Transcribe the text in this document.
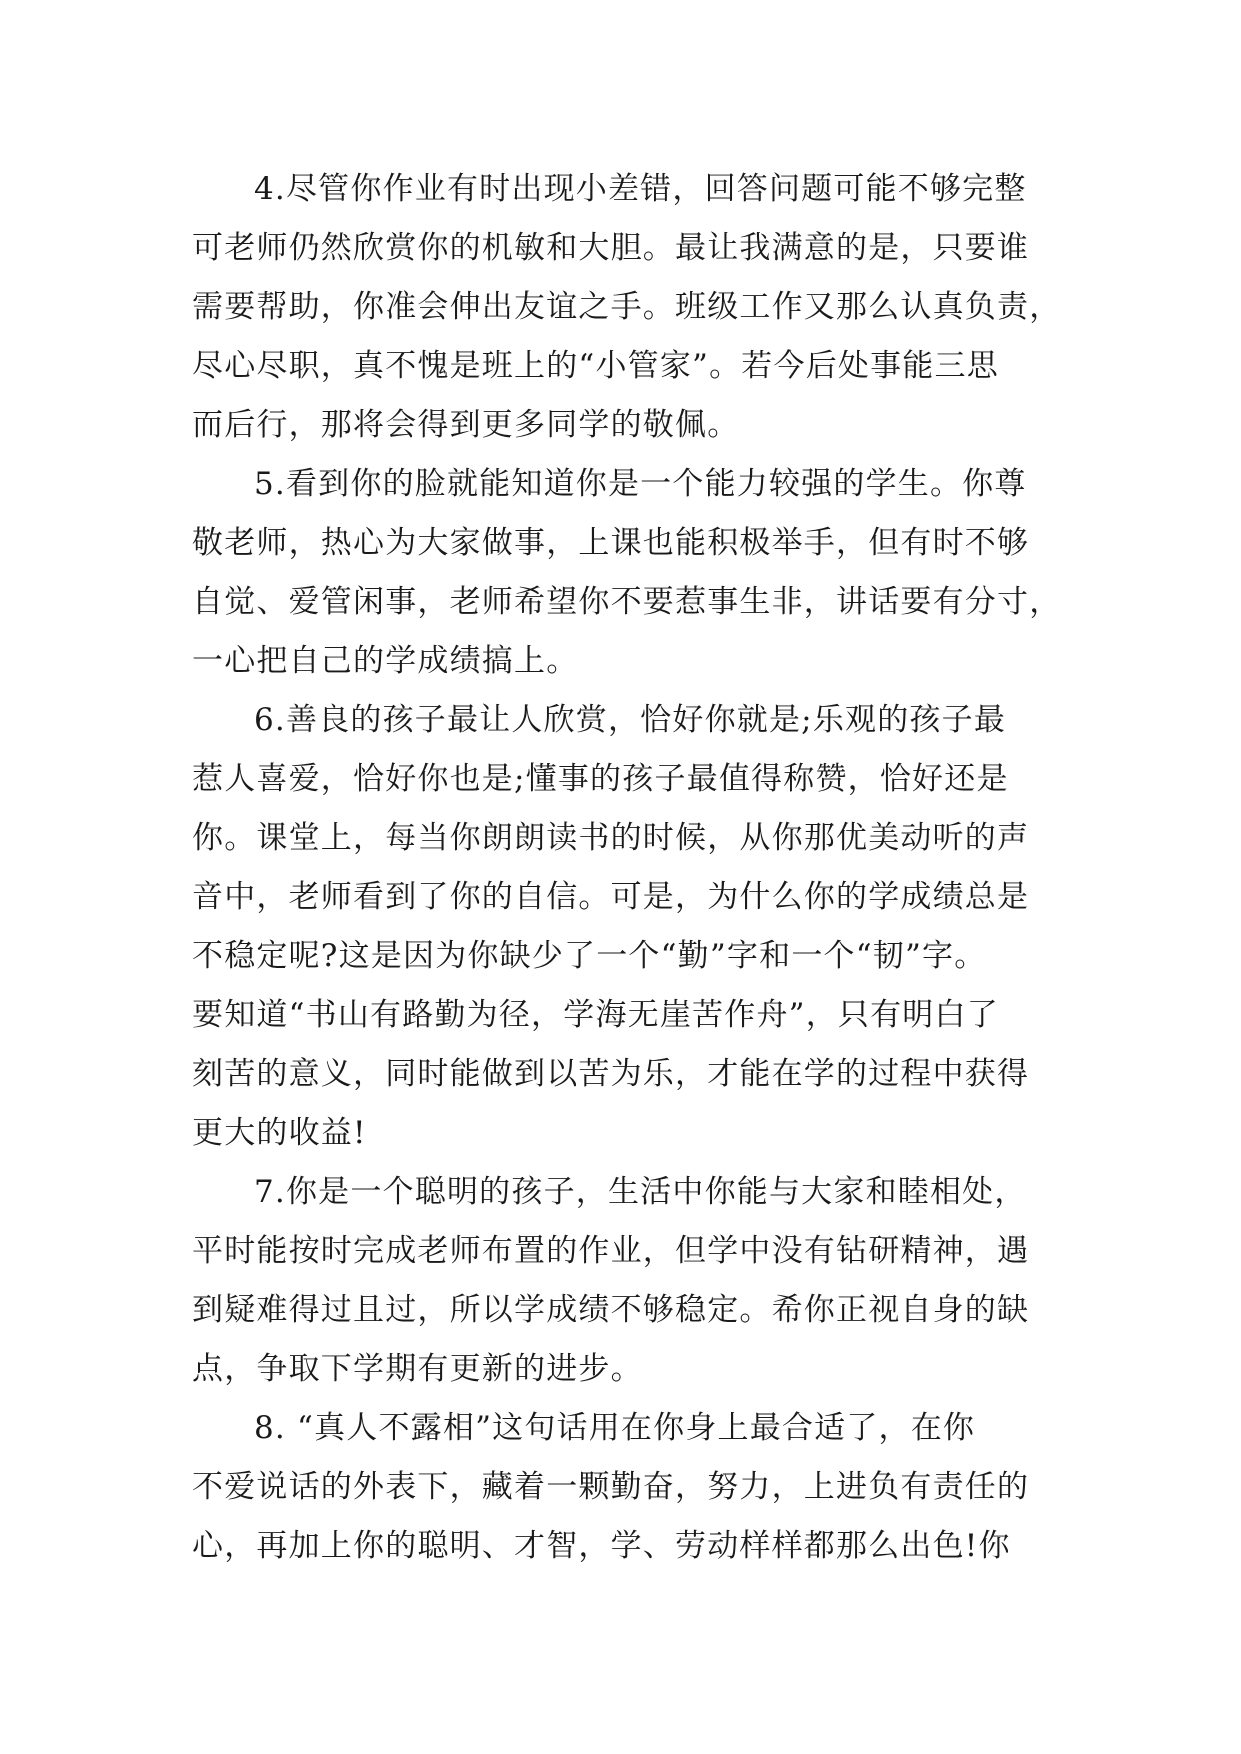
4.尽管你作业有时出现小差错，回答问题可能不够完整
可老师仍然欣赏你的机敏和大胆。最让我满意的是，只要谁
需要帮助，你准会伸出友谊之手。班级工作又那么认真负责，
尽心尽职，真不愧是班上的“小管家”。若今后处事能三思
而后行，那将会得到更多同学的敬佩。
5.看到你的脸就能知道你是一个能力较强的学生。你尊
敬老师，热心为大家做事，上课也能积极举手，但有时不够
自觉、爱管闲事，老师希望你不要惹事生非，讲话要有分寸，
一心把自己的学成绩搞上。
6.善良的孩子最让人欣赏，恰好你就是;乐观的孩子最
惹人喜爱，恰好你也是;懂事的孩子最值得称赞，恰好还是
你。课堂上，每当你朗朗读书的时候，从你那优美动听的声
音中，老师看到了你的自信。可是，为什么你的学成绩总是
不稳定呢?这是因为你缺少了一个“勤”字和一个“韧”字。
要知道“书山有路勤为径，学海无崖苦作舟”，只有明白了
刻苦的意义，同时能做到以苦为乐，才能在学的过程中获得
更大的收益!
7.你是一个聪明的孩子，生活中你能与大家和睦相处，
平时能按时完成老师布置的作业，但学中没有钻研精神，遇
到疑难得过且过，所以学成绩不够稳定。希你正视自身的缺
点，争取下学期有更新的进步。
8. “真人不露相”这句话用在你身上最合适了，在你
不爱说话的外表下，藏着一颗勤奋，努力，上进负有责任的
心，再加上你的聪明、才智，学、劳动样样都那么出色!你
